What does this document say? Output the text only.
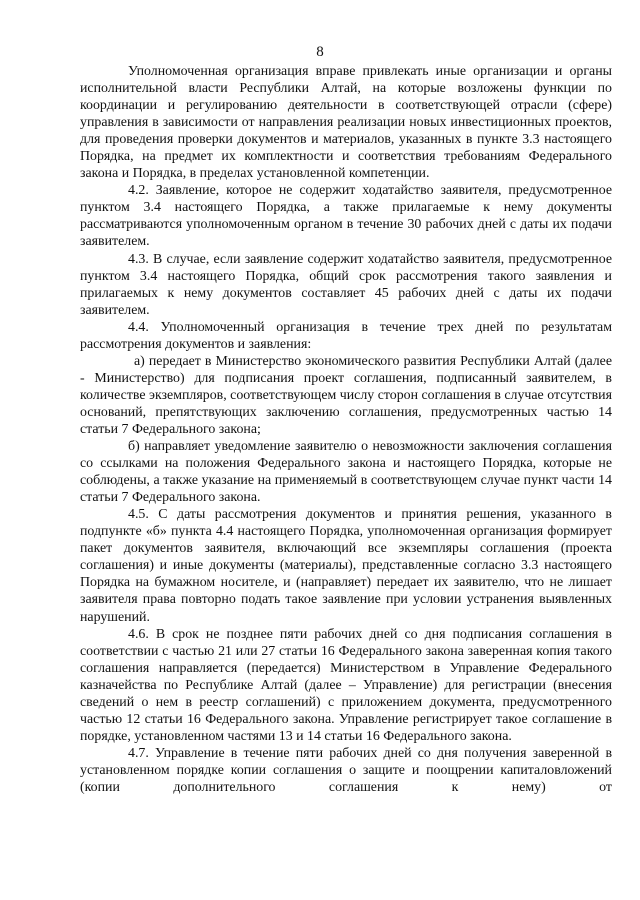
8

Уполномоченная организация вправе привлекать иные организации и органы исполнительной власти Республики Алтай, на которые возложены функции по координации и регулированию деятельности в соответствующей отрасли (сфере) управления в зависимости от направления реализации новых инвестиционных проектов, для проведения проверки документов и материалов, указанных в пункте 3.3 настоящего Порядка, на предмет их комплектности и соответствия требованиям Федерального закона и Порядка, в пределах установленной компетенции.

4.2. Заявление, которое не содержит ходатайство заявителя, предусмотренное пунктом 3.4 настоящего Порядка, а также прилагаемые к нему документы рассматриваются уполномоченным органом в течение 30 рабочих дней с даты их подачи заявителем.

4.3. В случае, если заявление содержит ходатайство заявителя, предусмотренное пунктом 3.4 настоящего Порядка, общий срок рассмотрения такого заявления и прилагаемых к нему документов составляет 45 рабочих дней с даты их подачи заявителем.

4.4. Уполномоченный организация в течение трех дней по результатам рассмотрения документов и заявления:

а) передает в Министерство экономического развития Республики Алтай (далее - Министерство) для подписания проект соглашения, подписанный заявителем, в количестве экземпляров, соответствующем числу сторон соглашения в случае отсутствия оснований, препятствующих заключению соглашения, предусмотренных частью 14 статьи 7 Федерального закона;

б) направляет уведомление заявителю о невозможности заключения соглашения со ссылками на положения Федерального закона и настоящего Порядка, которые не соблюдены, а также указание на применяемый в соответствующем случае пункт части 14 статьи 7 Федерального закона.

4.5. С даты рассмотрения документов и принятия решения, указанного в подпункте «б» пункта 4.4 настоящего Порядка, уполномоченная организация формирует пакет документов заявителя, включающий все экземпляры соглашения (проекта соглашения) и иные документы (материалы), представленные согласно 3.3 настоящего Порядка на бумажном носителе, и (направляет) передает их заявителю, что не лишает заявителя права повторно подать такое заявление при условии устранения выявленных нарушений.

4.6. В срок не позднее пяти рабочих дней со дня подписания соглашения в соответствии с частью 21 или 27 статьи 16 Федерального закона заверенная копия такого соглашения направляется (передается) Министерством в Управление Федерального казначейства по Республике Алтай (далее – Управление) для регистрации (внесения сведений о нем в реестр соглашений) с приложением документа, предусмотренного частью 12 статьи 16 Федерального закона. Управление регистрирует такое соглашение в порядке, установленном частями 13 и 14 статьи 16 Федерального закона.

4.7. Управление в течение пяти рабочих дней со дня получения заверенной в установленном порядке копии соглашения о защите и поощрении капиталовложений (копии дополнительного соглашения к нему) от
